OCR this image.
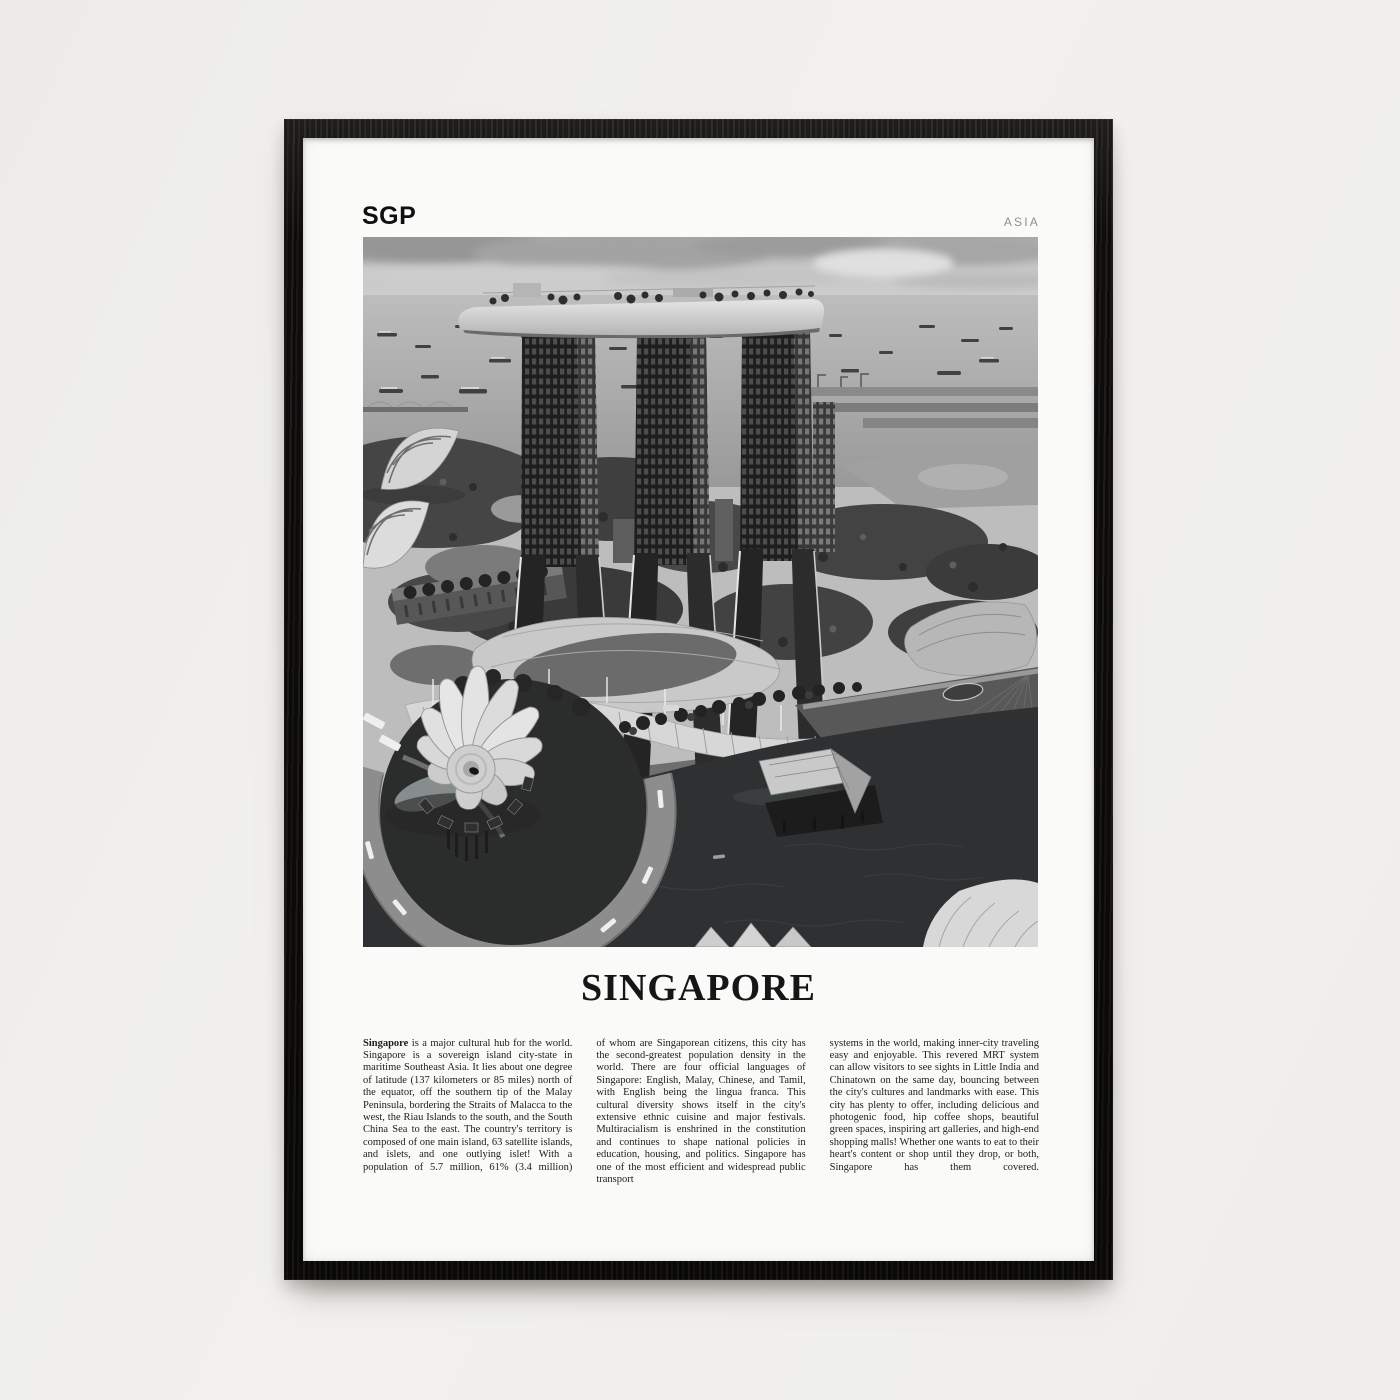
SGP	ASIA
SINGAPORE

Singapore is a major cultural hub for the world. Singapore is a sovereign island city-state in maritime Southeast Asia. It lies about one degree of latitude (137 kilometers or 85 miles) north of the equator, off the southern tip of the Malay Peninsula, bordering the Straits of Malacca to the west, the Riau Islands to the south, and the South China Sea to the east. The country's territory is composed of one main island, 63 satellite islands, and islets, and one outlying islet! With a population of 5.7 million, 61% (3.4 million)

of whom are Singaporean citizens, this city has the second-greatest population density in the world. There are four official languages of Singapore: English, Malay, Chinese, and Tamil, with English being the lingua franca. This cultural diversity shows itself in the city's extensive ethnic cuisine and major festivals. Multiracialism is enshrined in the constitution and continues to shape national policies in education, housing, and politics. Singapore has one of the most efficient and widespread public transport

systems in the world, making inner-city traveling easy and enjoyable. This revered MRT system can allow visitors to see sights in Little India and Chinatown on the same day, bouncing between the city's cultures and landmarks with ease. This city has plenty to offer, including delicious and photogenic food, hip coffee shops, beautiful green spaces, inspiring art galleries, and high-end shopping malls! Whether one wants to eat to their heart's content or shop until they drop, or both, Singapore has them covered.
